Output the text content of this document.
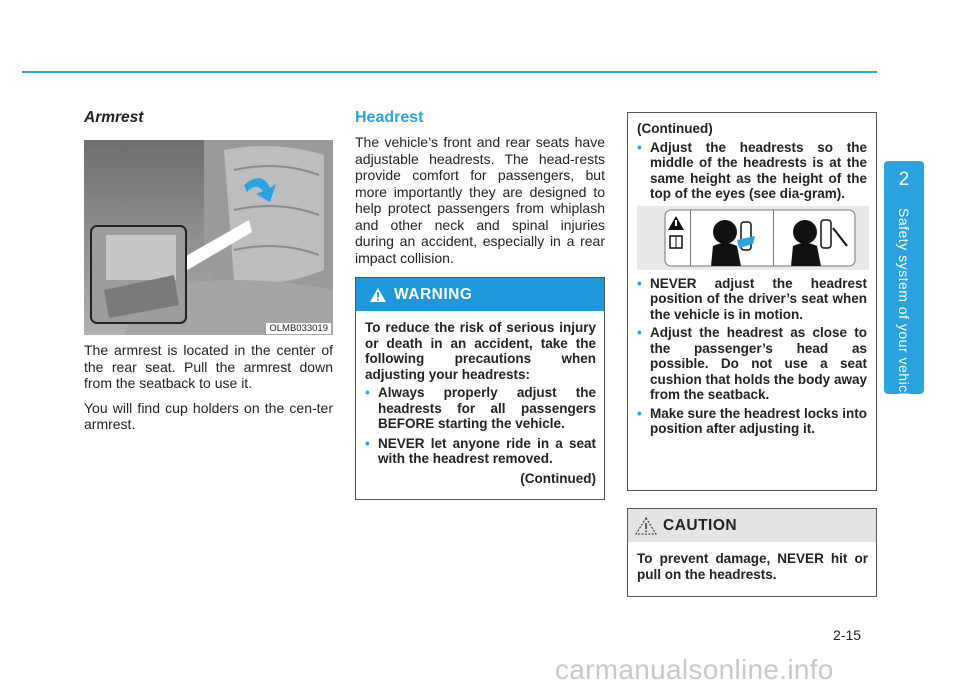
Armrest
OLMB033019

The armrest is located in the center of the rear seat. Pull the armrest down from the seatback to use it.

You will find cup holders on the cen-ter armrest.

Headrest

The vehicle’s front and rear seats have adjustable headrests. The head-rests provide comfort for passengers, but more importantly they are designed to help protect passengers from whiplash and other neck and spinal injuries during an accident, especially in a rear impact collision.

WARNING

To reduce the risk of serious injury or death in an accident, take the following precautions when adjusting your headrests:

• Always properly adjust the headrests for all passengers BEFORE starting the vehicle.
• NEVER let anyone ride in a seat with the headrest removed.
(Continued)

(Continued)

• Adjust the headrests so the middle of the headrests is at the same height as the height of the top of the eyes (see dia-gram).
• NEVER adjust the headrest position of the driver’s seat when the vehicle is in motion.
• Adjust the headrest as close to the passenger’s head as possible. Do not use a seat cushion that holds the body away from the seatback.
• Make sure the headrest locks into position after adjusting it.
CAUTION

To prevent damage, NEVER hit or pull on the headrests.

2
Safety system of your vehicle
2-15
carmanualsonline.info
